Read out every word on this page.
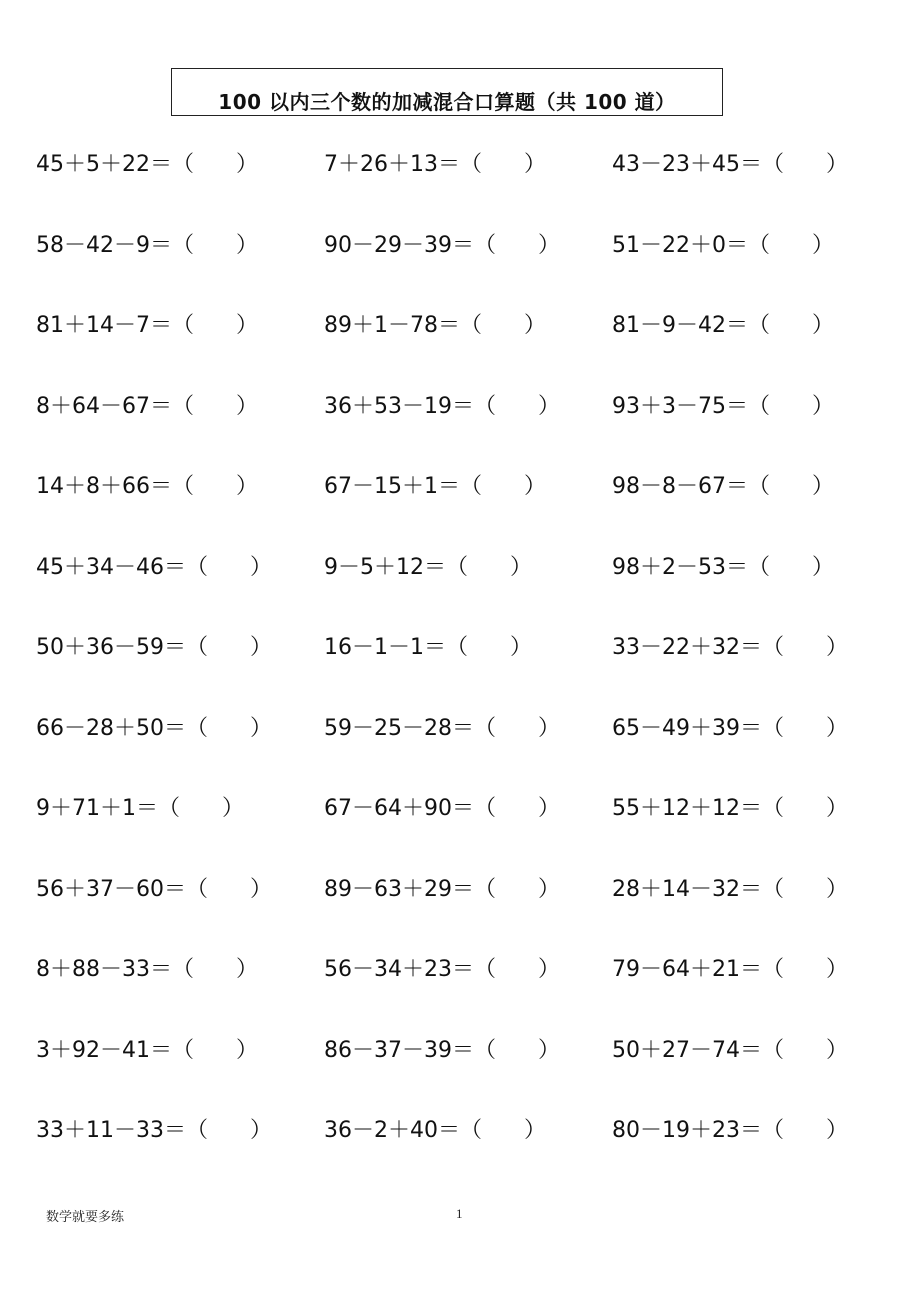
100 以内三个数的加减混合口算题（共 100 道）
45＋5＋22＝（      ）	7＋26＋13＝（      ）	43－23＋45＝（      ）
58－42－9＝（      ）	90－29－39＝（      ）	51－22＋0＝（      ）
81＋14－7＝（      ）	89＋1－78＝（      ）	81－9－42＝（      ）
8＋64－67＝（      ）	36＋53－19＝（      ）	93＋3－75＝（      ）
14＋8＋66＝（      ）	67－15＋1＝（      ）	98－8－67＝（      ）
45＋34－46＝（      ）	9－5＋12＝（      ）	98＋2－53＝（      ）
50＋36－59＝（      ）	16－1－1＝（      ）	33－22＋32＝（      ）
66－28＋50＝（      ）	59－25－28＝（      ）	65－49＋39＝（      ）
9＋71＋1＝（      ）	67－64＋90＝（      ）	55＋12＋12＝（      ）
56＋37－60＝（      ）	89－63＋29＝（      ）	28＋14－32＝（      ）
8＋88－33＝（      ）	56－34＋23＝（      ）	79－64＋21＝（      ）
3＋92－41＝（      ）	86－37－39＝（      ）	50＋27－74＝（      ）
33＋11－33＝（      ）	36－2＋40＝（      ）	80－19＋23＝（      ）
数学就要多练	1
